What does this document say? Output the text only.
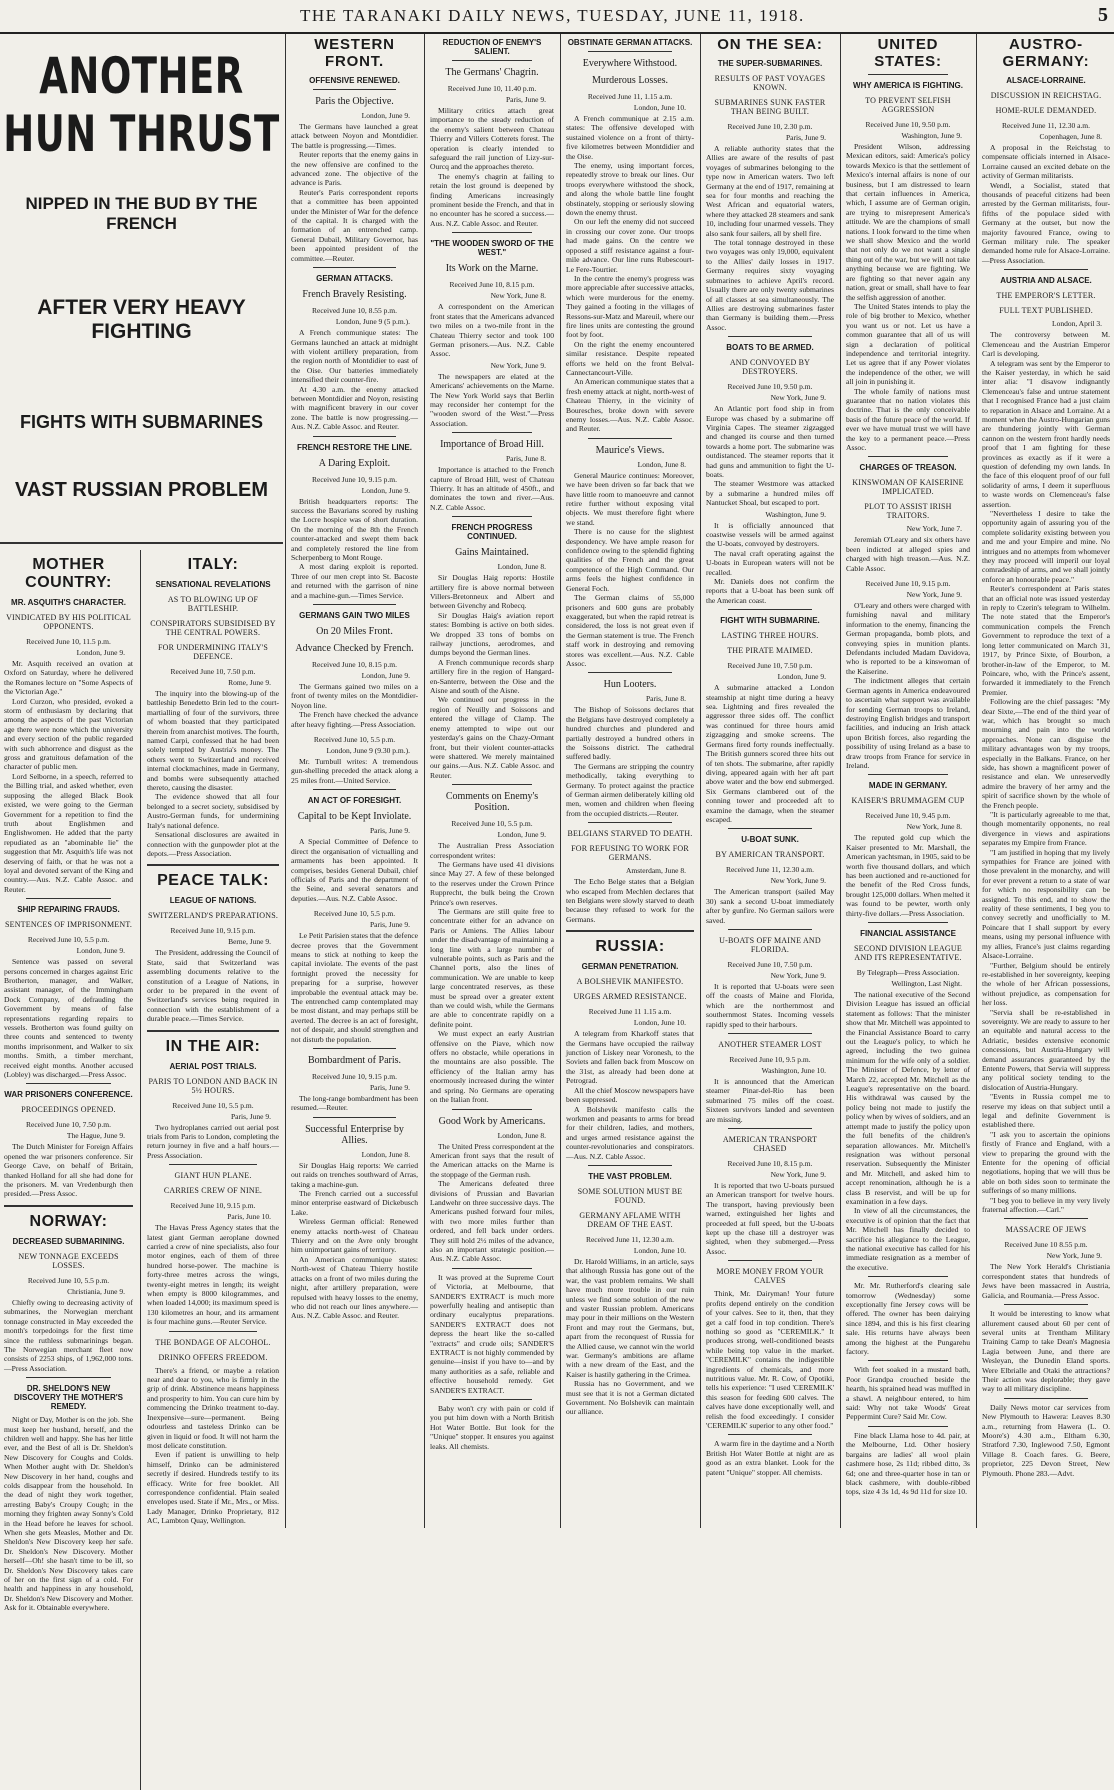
THE TARANAKI DAILY NEWS, TUESDAY, JUNE 11, 1918.	5
ANOTHER HUN THRUST
NIPPED IN THE BUD BY THE FRENCH
AFTER VERY HEAVY FIGHTING
FIGHTS WITH SUBMARINES
VAST RUSSIAN PROBLEM
MOTHER COUNTRY:
MR. ASQUITH'S CHARACTER.
VINDICATED BY HIS POLITICAL OPPONENTS.
Received June 10, 11.5 p.m.
London, June 9.

Mr. Asquith received an ovation at Oxford on Saturday, where he delivered the Romanes lecture on "Some Aspects of the Victorian Age."

Lord Curzon, who presided, evoked a storm of enthusiasm by declaring that among the aspects of the past Victorian age there were none which the university and every section of the public regarded with such abhorrence and disgust as the gross and gratuitous defamation of the character of public men.

Lord Selborne, in a speech, referred to the Billing trial, and asked whether, even supposing the alleged Black Book existed, we were going to the German Government for a repetition to find the truth about Englishmen and Englishwomen. He added that the party repudiated as an "abominable lie" the suggestion that Mr. Asquith's life was not deserving of faith, or that he was not a loyal and devoted servant of the King and country.—Aus. N.Z. Cable Assoc. and Reuter.

SHIP REPAIRING FRAUDS.
SENTENCES OF IMPRISONMENT.
Received June 10, 5.5 p.m.
London, June 9.

Sentence was passed on several persons concerned in charges against Eric Brotherton, manager, and Walker, assistant manager, of the Immingham Dock Company, of defrauding the Government by means of false representations regarding repairs to vessels. Brotherton was found guilty on three counts and sentenced to twenty months imprisonment, and Walker to six months. Smith, a timber merchant, received eight months. Another accused (Lobley) was discharged.—Press Assoc.

WAR PRISONERS CONFERENCE.
PROCEEDINGS OPENED.
Received June 10, 7.50 p.m.
The Hague, June 9.

The Dutch Minister for Foreign Affairs opened the war prisoners conference. Sir George Cave, on behalf of Britain, thanked Holland for all she had done for the prisoners. M. van Vredenburgh then presided.—Press Assoc.

NORWAY:
DECREASED SUBMARINING.
NEW TONNAGE EXCEEDS LOSSES.
Received June 10, 5.5 p.m.
Christiania, June 9.

Chiefly owing to decreasing activity of submarines, the Norwegian merchant tonnage constructed in May exceeded the month's torpedoings for the first time since the ruthless submarinings began. The Norwegian merchant fleet now consists of 2253 ships, of 1,962,000 tons.—Press Association.

DR. SHELDON'S NEW DISCOVERY THE MOTHER'S REMEDY.

Night or Day, Mother is on the job. She must keep her husband, herself, and the children well and happy. She has her little ever, and the Best of all is Dr. Sheldon's New Discovery for Coughs and Colds. When Mother aught with Dr. Sheldon's New Discovery in her hand, coughs and colds disappear from the household. In the dead of night they work together, arresting Baby's Croupy Cough; in the morning they frighten away Sonny's Cold in the Head before he leaves for school. When she gets Measles, Mother and Dr. Sheldon's New Discovery keep her safe. Dr. Sheldon's New Discovery. Mother herself—Oh! she hasn't time to be ill, so Dr. Sheldon's New Discovery takes care of her on the first sign of a cold. For health and happiness in any household, Dr. Sheldon's New Discovery and Mother. Ask for it. Obtainable everywhere.

ITALY:
SENSATIONAL REVELATIONS
AS TO BLOWING UP OF BATTLESHIP.
CONSPIRATORS SUBSIDISED BY THE CENTRAL POWERS.
FOR UNDERMINING ITALY'S DEFENCE.
Received June 10, 7.50 p.m.
Rome, June 9.

The inquiry into the blowing-up of the battleship Benedetto Brin led to the court-martialling of four of the survivors, three of whom boasted that they participated therein from anarchist motives. The fourth, named Carpi, confessed that he had been solely tempted by Austria's money. The others went to Switzerland and received internal clockmachines, made in Germany, and bombs were subsequently attached thereto, causing the disaster.

The evidence showed that all four belonged to a secret society, subsidised by Austro-German funds, for undermining Italy's national defence.

Sensational disclosures are awaited in connection with the gunpowder plot at the depots.—Press Association.

PEACE TALK:
LEAGUE OF NATIONS.
SWITZERLAND'S PREPARATIONS.
Received June 10, 9.15 p.m.
Berne, June 9.

The President, addressing the Council of State, said that Switzerland was assembling documents relative to the constitution of a League of Nations, in order to be prepared in the event of Switzerland's services being required in connection with the establishment of a durable peace.—Times Service.

IN THE AIR:
AERIAL POST TRIALS.
PARIS TO LONDON AND BACK IN 5½ HOURS.
Received June 10, 5.5 p.m.
Paris, June 9.

Two hydroplanes carried out aerial post trials from Paris to London, completing the return journey in five and a half hours.—Press Association.

GIANT HUN PLANE.
CARRIES CREW OF NINE.
Received June 10, 9.15 p.m.
Paris, June 10.

The Havas Press Agency states that the latest giant German aeroplane downed carried a crew of nine specialists, also four motor engines, each of them of three hundred horse-power. The machine is forty-three metres across the wings, twenty-eight metres in length; its weight when empty is 8000 kilogrammes, and when loaded 14,000; its maximum speed is 130 kilometres an hour, and its armament is four machine guns.—Reuter Service.

THE BONDAGE OF ALCOHOL.
DRINKO OFFERS FREEDOM.

There's a friend, or maybe a relation near and dear to you, who is firmly in the grip of drink. Abstinence means happiness and prosperity to him. You can cure him by commencing the Drinko treatment to-day. Inexpensive—sure—permanent. Being odourless and tasteless Drinko can be given in liquid or food. It will not harm the most delicate constitution.

Even if patient is unwilling to help himself, Drinko can be administered secretly if desired. Hundreds testify to its efficacy. Write for free booklet. All correspondence confidential. Plain sealed envelopes used. State if Mr., Mrs., or Miss. Lady Manager, Drinko Proprietary, 812 AC, Lambton Quay, Wellington.

WESTERN FRONT.
OFFENSIVE RENEWED.
Paris the Objective.
London, June 9.

The Germans have launched a great attack between Noyon and Montdidier. The battle is progressing.—Times.

Reuter reports that the enemy gains in the new offensive are confined to the advanced zone. The objective of the advance is Paris.

Reuter's Paris correspondent reports that a committee has been appointed under the Minister of War for the defence of the capital. It is charged with the formation of an entrenched camp. General Dubail, Military Governor, has been appointed president of the committee.—Reuter.

GERMAN ATTACKS.
French Bravely Resisting.
Received June 10, 8.55 p.m.
London, June 9 (5 p.m.).

A French communique states: The Germans launched an attack at midnight with violent artillery preparation, from the region north of Montdidier to east of the Oise. Our batteries immediately intensified their counter-fire.

At 4.30 a.m. the enemy attacked between Montdidier and Noyon, resisting with magnificent bravery in our cover zone. The battle is now progressing.—Aus. N.Z. Cable Assoc. and Reuter.

FRENCH RESTORE THE LINE.
A Daring Exploit.
Received June 10, 9.15 p.m.
London, June 9.

British headquarters reports: The success the Bavarians scored by rushing the Locre hospice was of short duration. On the morning of the 8th the French counter-attacked and swept them back and completely restored the line from Scherpenberg to Mont Rouge.

A most daring exploit is reported. Three of our men crept into St. Bacoste and returned with the garrison of nine and a machine-gun.—Times Service.

GERMANS GAIN TWO MILES
On 20 Miles Front.
Advance Checked by French.
Received June 10, 8.15 p.m.
London, June 9.

The Germans gained two miles on a front of twenty miles on the Montdidier-Noyon line.

The French have checked the advance after heavy fighting.—Press Association.

Received June 10, 5.5 p.m.
London, June 9 (9.30 p.m.).

Mr. Turnbull writes: A tremendous gun-shelling preceded the attack along a 25 miles front.—United Service.

AN ACT OF FORESIGHT.
Capital to be Kept Inviolate.
Paris, June 9.

A Special Committee of Defence to direct the organisation of victualling and armaments has been appointed. It comprises, besides General Dubail, chief officials of Paris and the department of the Seine, and several senators and deputies.—Aus. N.Z. Cable Assoc.

Received June 10, 5.5 p.m.
Paris, June 9.

Le Petit Parisien states that the defence decree proves that the Government means to stick at nothing to keep the capital inviolate. The events of the past fortnight proved the necessity for preparing for a surprise, however improbable the eventual attack may be. The entrenched camp contemplated may be most distant, and may perhaps still be averted. The decree is an act of foresight, not of despair, and should strengthen and not disturb the population.

Bombardment of Paris.
Received June 10, 9.15 p.m.
Paris, June 9.

The long-range bombardment has been resumed.—Reuter.

Successful Enterprise by Allies.
London, June 8.

Sir Douglas Haig reports: We carried out raids on trenches southward of Arras, taking a machine-gun.

The French carried out a successful minor enterprise eastward of Dickebusch Lake.

Wireless German official: Renewed enemy attacks north-west of Chateau Thierry and on the Avre only brought him unimportant gains of territory.

An American communique states: North-west of Chateau Thierry hostile attacks on a front of two miles during the night, after artillery preparation, were repulsed with heavy losses to the enemy, who did not reach our lines anywhere.—Aus. N.Z. Cable Assoc. and Reuter.

REDUCTION OF ENEMY'S SALIENT.
The Germans' Chagrin.
Received June 10, 11.40 p.m.
Paris, June 9.

Military critics attach great importance to the steady reduction of the enemy's salient between Chateau Thierry and Villers Cotterets forest. The operation is clearly intended to safeguard the rail junction of Lizy-sur-Ourcq and the approaches thereto.

The enemy's chagrin at failing to retain the lost ground is deepened by finding Americans increasingly prominent beside the French, and that in no encounter has he scored a success.—Aus. N.Z. Cable Assoc. and Reuter.

"THE WOODEN SWORD OF THE WEST."
Its Work on the Marne.
Received June 10, 8.15 p.m.
New York, June 8.

A correspondent on the American front states that the Americans advanced two miles on a two-mile front in the Chateau Thierry sector and took 100 German prisoners.—Aus. N.Z. Cable Assoc.

New York, June 9.

The newspapers are elated at the Americans' achievements on the Marne. The New York World says that Berlin may reconsider her contempt for the "wooden sword of the West."—Press Association.

Importance of Broad Hill.
Paris, June 8.

Importance is attached to the French capture of Broad Hill, west of Chateau Thierry. It has an altitude of 450ft., and dominates the town and river.—Aus. N.Z. Cable Assoc.

FRENCH PROGRESS CONTINUED.
Gains Maintained.
London, June 8.

Sir Douglas Haig reports: Hostile artillery fire is above normal between Villers-Bretonneux and Albert and between Givenchy and Robecq.

Sir Douglas Haig's aviation report states: Bombing is active on both sides. We dropped 33 tons of bombs on railway junctions, aerodromes, and dumps beyond the German lines.

A French communique records sharp artillery fire in the region of Hangard-en-Santerre, between the Oise and the Aisne and south of the Aisne.

We continued our progress in the region of Neuilly and Soissons and entered the village of Clamp. The enemy attempted to wipe out our yesterday's gains on the Chazy-Ormant front, but their violent counter-attacks were shattered. We merely maintained our gains.—Aus. N.Z. Cable Assoc. and Reuter.

Comments on Enemy's Position.
Received June 10, 5.5 p.m.
London, June 9.

The Australian Press Association correspondent writes:

The Germans have used 41 divisions since May 27. A few of these belonged to the reserves under the Crown Prince Rupprecht, the bulk being the Crown Prince's own reserves.

The Germans are still quite free to concentrate either for an advance on Paris or Amiens. The Allies labour under the disadvantage of maintaining a long line with a large number of vulnerable points, such as Paris and the Channel ports, also the lines of communication. We are unable to keep large concentrated reserves, as these must be spread over a greater extent than we could wish, while the Germans are able to concentrate rapidly on a definite point.

We must expect an early Austrian offensive on the Piave, which now offers no obstacle, while operations in the mountains are also possible. The efficiency of the Italian army has enormously increased during the winter and spring. No Germans are operating on the Italian front.

Good Work by Americans.
London, June 8.

The United Press correspondent at the American front says that the result of the American attacks on the Marne is the stoppage of the German rush.

The Americans defeated three divisions of Prussian and Bavarian Landwehr on three successive days. The Americans pushed forward four miles, with two more miles further than ordered, and fell back under orders. They still hold 2½ miles of the advance, also an important strategic position.—Aus. N.Z. Cable Assoc.

It was proved at the Supreme Court of Victoria, at Melbourne, that SANDER'S EXTRACT is much more powerfully healing and antiseptic than ordinary eucalyptus preparations. SANDER'S EXTRACT does not depress the heart like the so-called "extracts" and crude oils; SANDER'S EXTRACT is not highly commended by genuine—insist if you have to—and by many authorities as a safe, reliable and effective household remedy. Get SANDER'S EXTRACT.

Baby won't cry with pain or cold if you put him down with a North British Hot Water Bottle. But look for the "Unique" stopper. It ensures you against leaks. All chemists.

OBSTINATE GERMAN ATTACKS.
Everywhere Withstood.
Murderous Losses.
Received June 11, 1.15 a.m.
London, June 10.

A French communique at 2.15 a.m. states: The offensive developed with sustained violence on a front of thirty-five kilometres between Montdidier and the Oise.

The enemy, using important forces, repeatedly strove to break our lines. Our troops everywhere withstood the shock, and along the whole battle line fought obstinately, stopping or seriously slowing down the enemy thrust.

On our left the enemy did not succeed in crossing our cover zone. Our troops had made gains. On the centre we opposed a stiff resistance against a four-mile advance. Our line runs Rubescourt-Le Fere-Tourtier.

In the centre the enemy's progress was more appreciable after successive attacks, which were murderous for the enemy. They gained a footing in the villages of Ressons-sur-Matz and Mareuil, where our fire lines units are contesting the ground foot by foot.

On the right the enemy encountered similar resistance. Despite repeated efforts we held on the front Belval-Cannectancourt-Ville.

An American communique states that a fresh enemy attack at night, north-west of Chateau Thierry, in the vicinity of Bouresches, broke down with severe enemy losses.—Aus. N.Z. Cable Assoc. and Reuter.

Maurice's Views.
London, June 8.

General Maurice continues: Moreover, we have been driven so far back that we have little room to manoeuvre and cannot retire further without exposing vital objects. We must therefore fight where we stand.

There is no cause for the slightest despondency. We have ample reason for confidence owing to the splendid fighting qualities of the French and the great competence of the High Command. Our arms feels the highest confidence in General Foch.

The German claims of 55,000 prisoners and 600 guns are probably exaggerated, but when the rapid retreat is considered, the loss is not great even if the German statement is true. The French staff work in destroying and removing stores was excellent.—Aus. N.Z. Cable Assoc.

Hun Looters.
Paris, June 8.

The Bishop of Soissons declares that the Belgians have destroyed completely a hundred churches and plundered and partially destroyed a hundred others in the Soissons district. The cathedral suffered badly.

The Germans are stripping the country methodically, taking everything to Germany. To protect against the practice of German airmen deliberately killing old men, women and children when fleeing from the occupied districts.—Reuter.

BELGIANS STARVED TO DEATH.
FOR REFUSING TO WORK FOR GERMANS.
Amsterdam, June 8.

The Echo Belge states that a Belgian who escaped from Mechlen declares that ten Belgians were slowly starved to death because they refused to work for the Germans.

RUSSIA:
GERMAN PENETRATION.
A BOLSHEVIK MANIFESTO.
URGES ARMED RESISTANCE.
Received June 11 1.15 a.m.
London, June 10.

A telegram from Kharkoff states that the Germans have occupied the railway junction of Liskey near Voronesh, to the Soviets and fallen back from Moscow on the 31st, as already had been done at Petrograd.

All the chief Moscow newspapers have been suppressed.

A Bolshevik manifesto calls the workmen and peasants to arms for bread for their children, ladies, and mothers, and urges armed resistance against the counter-revolutionaries and conspirators.—Aus. N.Z. Cable Assoc.

THE VAST PROBLEM.
SOME SOLUTION MUST BE FOUND.
GERMANY AFLAME WITH DREAM OF THE EAST.
Received June 11, 12.30 a.m.
London, June 10.

Dr. Harold Williams, in an article, says that although Russia has gone out of the war, the vast problem remains. We shall have much more trouble in our ruin unless we find some solution of the new and vaster Russian problem. Americans may pour in their millions on the Western Front and may rout the Germans, but, apart from the reconquest of Russia for the Allied cause, we cannot win the world war. Germany's ambitions are aflame with a new dream of the East, and the Kaiser is hastily gathering in the Crimea.

Russia has no Government, and we must see that it is not a German dictated Government. No Bolshevik can maintain our alliance.

ON THE SEA:
THE SUPER-SUBMARINES.
RESULTS OF PAST VOYAGES KNOWN.
SUBMARINES SUNK FASTER THAN BEING BUILT.
Received June 10, 2.30 p.m.
Paris, June 9.

A reliable authority states that the Allies are aware of the results of past voyages of submarines belonging to the type now in American waters. Two left Germany at the end of 1917, remaining at sea for four months and reaching the West African and equatorial waters, where they attacked 28 steamers and sank 10, including four unarmed vessels. They also sank four sailers, all by shell fire.

The total tonnage destroyed in these two voyages was only 19,000, equivalent to the Allies' daily losses in 1917. Germany requires sixty voyaging submarines to achieve April's record. Usually there are only twenty submarines of all classes at sea simultaneously. The Allies are destroying submarines faster than Germany is building them.—Press Assoc.

BOATS TO BE ARMED.
AND CONVOYED BY DESTROYERS.
Received June 10, 9.50 p.m.
New York, June 9.

An Atlantic port food ship in from Europe was chased by a submarine off Virginia Capes. The steamer zigzagged and changed its course and then turned towards a home port. The submarine was outdistanced. The steamer reports that it had guns and ammunition to fight the U-boats.

The steamer Westmore was attacked by a submarine a hundred miles off Nantucket Shoal, but escaped to port.

Washington, June 9.

It is officially announced that coastwise vessels will be armed against the U-boats, convoyed by destroyers.

The naval craft operating against the U-boats in European waters will not be recalled.

Mr. Daniels does not confirm the reports that a U-boat has been sunk off the American coast.

FIGHT WITH SUBMARINE.
LASTING THREE HOURS.
THE PIRATE MAIMED.
Received June 10, 7.50 p.m.
London, June 9.

A submarine attacked a London steamship at night time during a heavy sea. Lightning and fires revealed the aggressor three sides off. The conflict was continued for three hours amid zigzagging and smoke screens. The Germans fired forty rounds ineffectually. The British gunners scored three hits out of ten shots. The submarine, after rapidly diving, appeared again with her aft part above water and the bow end submerged. Six Germans clambered out of the conning tower and proceeded aft to examine the damage, when the steamer escaped.

U-BOAT SUNK.
BY AMERICAN TRANSPORT.
Received June 11, 12.30 a.m.
New York, June 9.

The American transport (sailed May 30) sank a second U-boat immediately after by gunfire. No German sailors were saved.

U-BOATS OFF MAINE AND FLORIDA.
Received June 10, 7.50 p.m.
New York, June 9.

It is reported that U-boats were seen off the coasts of Maine and Florida, which are the northernmost and southernmost States. Incoming vessels rapidly sped to their harbours.

ANOTHER STEAMER LOST
Received June 10, 9.5 p.m.
Washington, June 10.

It is announced that the American steamer Pinar-del-Rio has been submarined 75 miles off the coast. Sixteen survivors landed and seventeen are missing.

AMERICAN TRANSPORT CHASED
Received June 10, 8.15 p.m.
New York, June 9.

It is reported that two U-boats pursued an American transport for twelve hours. The transport, having previously been warned, extinguished her lights and proceeded at full speed, but the U-boats kept up the chase till a destroyer was sighted, when they submerged.—Press Assoc.

MORE MONEY FROM YOUR CALVES

Think, Mr. Dairyman! Your future profits depend entirely on the condition of your calves. See to it, then, that they get a calf food in top condition. There's nothing so good as "CEREMILK." It produces strong, well-conditioned beasts while being top value in the market. "CEREMILK" contains the indigestible ingredients of chemicals, and more nutritious value. Mr. R. Cow, of Opotiki, tells his experience: "I used 'CEREMILK' this season for feeding 600 calves. The calves have done exceptionally well, and relish the food exceedingly. I consider 'CEREMILK' superior to any other food."

A warm fire in the daytime and a North British Hot Water Bottle at night are as good as an extra blanket. Look for the patent "Unique" stopper. All chemists.

UNITED STATES:
WHY AMERICA IS FIGHTING.
TO PREVENT SELFISH AGGRESSION
Received June 10, 9.50 p.m.
Washington, June 9.

President Wilson, addressing Mexican editors, said: America's policy towards Mexico is that the settlement of Mexico's internal affairs is none of our business, but I am distressed to learn that certain influences in America, which, I assume are of German origin, are trying to misrepresent America's attitude. We are the champions of small nations. I look forward to the time when we shall show Mexico and the world that not only do we not want a single thing out of the war, but we will not take anything because we are fighting. We are fighting so that never again any nation, great or small, shall have to fear the selfish aggression of another.

The United States intends to play the role of big brother to Mexico, whether you want us or not. Let us have a common guarantee that all of us will sign a declaration of political independence and territorial integrity. Let us agree that if any Power violates the independence of the other, we will all join in punishing it.

The whole family of nations must guarantee that no nation violates this doctrine. That is the only conceivable basis of the future peace of the world. If ever we have mutual trust we will have the key to a permanent peace.—Press Assoc.

CHARGES OF TREASON.
KINSWOMAN OF KAISERINE IMPLICATED.
PLOT TO ASSIST IRISH TRAITORS.
New York, June 7.

Jeremiah O'Leary and six others have been indicted at alleged spies and charged with high treason.—Aus. N.Z. Cable Assoc.

Received June 10, 9.15 p.m.
New York, June 9.

O'Leary and others were charged with furnishing naval and military information to the enemy, financing the German propaganda, bomb plots, and conveying spies in munition plants. Defendants included Madam Davidova, who is reported to be a kinswoman of the Kaiserine.

The indictment alleges that certain German agents in America endeavoured to ascertain what support was available for sending German troops to Ireland, destroying English bridges and transport facilities, and inducing an Irish attack upon British forces, also regarding the possibility of using Ireland as a base to draw troops from France for service in Ireland.

MADE IN GERMANY.
KAISER'S BRUMMAGEM CUP
Received June 10, 9.45 p.m.
New York, June 8.

The reputed gold cup which the Kaiser presented to Mr. Marshall, the American yachtsman, in 1905, said to be worth five thousand dollars, and which has been auctioned and re-auctioned for the benefit of the Red Cross funds, brought 125,000 dollars. When melted it was found to be pewter, worth only thirty-five dollars.—Press Association.

FINANCIAL ASSISTANCE
SECOND DIVISION LEAGUE AND ITS REPRESENTATIVE.
By Telegraph—Press Association.
Wellington, Last Night.

The national executive of the Second Division League has issued an official statement as follows: That the minister show that Mr. Mitchell was appointed to the Financial Assistance Board to carry out the League's policy, to which he agreed, including the two guinea minimum for the wife only of a soldier. The Minister of Defence, by letter of March 22, accepted Mr. Mitchell as the League's representative on the board. His withdrawal was caused by the policy being not made to justify the policy when by wives of soldiers, and an attempt made to justify the policy upon the full benefits of the children's separation allowances. Mr. Mitchell's resignation was without personal reservation. Subsequently the Minister and Mr. Mitchell, and asked him to accept renomination, although he is a class B reservist, and will be up for examination in a few days.

In view of all the circumstances, the executive is of opinion that the fact that Mr. Mitchell has finally decided to sacrifice his allegiance to the League, the national executive has called for his immediate resignation as a member of the executive.

Mr. Mr. Rutherford's clearing sale tomorrow (Wednesday) some exceptionally fine Jersey cows will be offered. The owner has been dairying since 1894, and this is his first clearing sale. His returns have always been among the highest at the Pungarehu factory.

With feet soaked in a mustard bath, Poor Grandpa crouched beside the hearth, his sprained head was muffled in a shawl. A neighbour entered, to him said: Why not take Woods' Great Peppermint Cure? Said Mr. Cow.

Fine black Llama hose to 4d. pair, at the Melbourne, Ltd. Other hosiery bargains are ladies' all wool plain cashmere hose, 2s 11d; ribbed ditto, 3s 6d; one and three-quarter hose in tan or black cashmere, with double-ribbed tops, size 4 3s 1d, 4s 9d 11d for size 10.

AUSTRO-GERMANY:
ALSACE-LORRAINE.
DISCUSSION IN REICHSTAG.
HOME-RULE DEMANDED.
Received June 11, 12.30 a.m.
Copenhagen, June 8.

A proposal in the Reichstag to compensate officials interned in Alsace-Lorraine caused an excited debate on the activity of German militarists.

Wendl, a Socialist, stated that thousands of peaceful citizens had been arrested by the German militarists, four-fifths of the populace sided with Germany at the outset, but now the majority favoured France, owing to German military rule. The speaker demanded home rule for Alsace-Lorraine.—Press Association.

AUSTRIA AND ALSACE.
THE EMPEROR'S LETTER.
FULL TEXT PUBLISHED.
London, April 3.

The controversy between M. Clemenceau and the Austrian Emperor Carl is developing.

A telegram was sent by the Emperor to the Kaiser yesterday, in which he said inter alia: "I disavow indignantly Clemenceau's false and untrue statement that I recognised France had a just claim to reparation in Alsace and Lorraine. At a moment when the Austro-Hungarian guns are thundering jointly with German cannon on the western front hardly needs proof that I am fighting for these provinces as exactly as if it were a question of defending my own lands. In the face of this eloquent proof of our full solidarity of arms, I deem it superfluous to waste words on Clemenceau's false assertion.

"Nevertheless I desire to take the opportunity again of assuring you of the complete solidarity existing between you and me and your Empire and mine. No intrigues and no attempts from whomever they may proceed will imperil our loyal comradeship of arms, and we shall jointly enforce an honourable peace."

Reuter's correspondent at Paris states that an official note was issued yesterday in reply to Czerin's telegram to Wilhelm. The note stated that the Emperor's communication compels the French Government to reproduce the text of a long letter communicated on March 31, 1917, by Prince Sixte, of Bourbon, a brother-in-law of the Emperor, to M. Poincare, who, with the Prince's assent, forwarded it immediately to the French Premier.

Following are the chief passages: "My dear Sixte,—The end of the third year of war, which has brought so much mourning and pain into the world approaches. None can disguise the military advantages won by my troops, especially in the Balkans. France, on her side, has shown a magnificent power of resistance and elan. We unreservedly admire the bravery of her army and the spirit of sacrifice shown by the whole of the French people.

"It is particularly agreeable to me that, though momentarily opponents, no real divergence in views and aspirations separates my Empire from France.

"I am justified in hoping that my lively sympathies for France are joined with those prevalent in the monarchy, and will for ever prevent a return to a state of war for which no responsibility can be assigned. To this end, and to show the reality of these sentiments, I beg you to convey secretly and unofficially to M. Poincare that I shall support by every means, using my personal influence with my allies, France's just claims regarding Alsace-Lorraine.

"Further, Belgium should be entirely re-established in her sovereignty, keeping the whole of her African possessions, without prejudice, as compensation for her loss.

"Servia shall be re-established in sovereignty. We are ready to assure to her an equitable and natural access to the Adriatic, besides extensive economic concessions, but Austria-Hungary will demand assurances guaranteed by the Entente Powers, that Servia will suppress any political society tending to the dislocation of Austria-Hungary.

"Events in Russia compel me to reserve my ideas on that subject until a legal and definite Government is established there.

"I ask you to ascertain the opinions firstly of France and England, with a view to preparing the ground with the Entente for the opening of official negotiations, hoping that we will thus be able on both sides soon to terminate the sufferings of so many millions.

"I beg you to believe in my very lively fraternal affection.—Carl."

MASSACRE OF JEWS
Received June 10 8.55 p.m.
New York, June 9.

The New York Herald's Christiania correspondent states that hundreds of Jews have been massacred in Austria, Galicia, and Roumania.—Press Assoc.

It would be interesting to know what allurement caused about 60 per cent of several units at Trentham Military Training Camp to take Dean's Magnesia Lagia between June, and there are Wesleyan, the Dunedin Eland sports. Were Elbrialle and Otaki the attractions? Their action was deplorable; they gave way to all military discipline.

Daily News motor car services from New Plymouth to Hawera: Leaves 8.30 a.m., returning from Hawera (L. O. Moore's) 4.30 a.m., Eltham 6.30, Stratford 7.30, Inglewood 7.50, Egmont Village 8. Coach fares. G. Beere, proprietor, 225 Devon Street, New Plymouth. Phone 283.—Advt.
